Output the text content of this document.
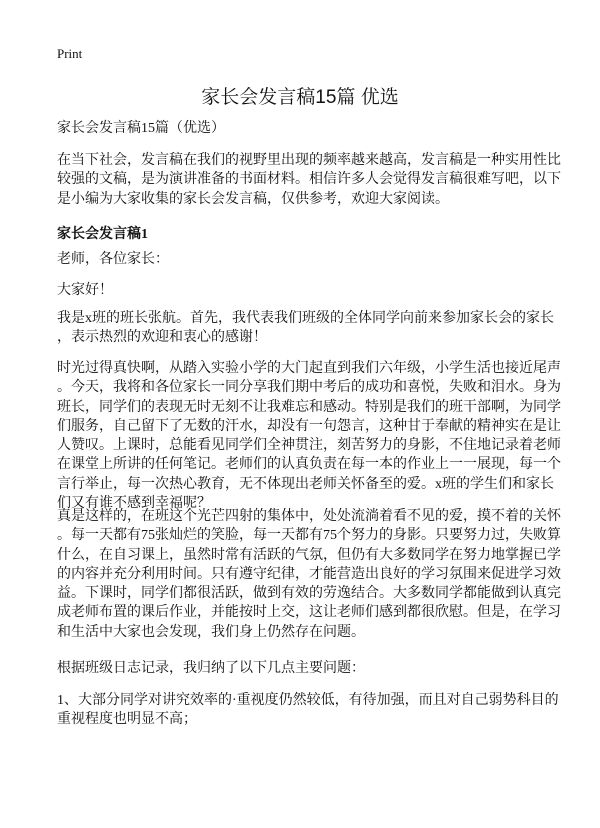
Print
家长会发言稿15篇 优选
家长会发言稿15篇（优选）
在当下社会，发言稿在我们的视野里出现的频率越来越高，发言稿是一种实用性比
较强的文稿，是为演讲准备的书面材料。相信许多人会觉得发言稿很难写吧，以下
是小编为大家收集的家长会发言稿，仅供参考，欢迎大家阅读。
家长会发言稿1
老师，各位家长：
大家好！
我是x班的班长张航。首先，我代表我们班级的全体同学向前来参加家长会的家长
，表示热烈的欢迎和衷心的感谢！
时光过得真快啊，从踏入实验小学的大门起直到我们六年级，小学生活也接近尾声
。今天，我将和各位家长一同分享我们期中考后的成功和喜悦，失败和泪水。身为
班长，同学们的表现无时无刻不让我难忘和感动。特别是我们的班干部啊，为同学
们服务，自己留下了无数的汗水，却没有一句怨言，这种甘于奉献的精神实在是让
人赞叹。上课时，总能看见同学们全神贯注，刻苦努力的身影，不住地记录着老师
在课堂上所讲的任何笔记。老师们的认真负责在每一本的作业上一一展现，每一个
言行举止，每一次热心教育，无不体现出老师关怀备至的爱。x班的学生们和家长
们又有谁不感到幸福呢？
真是这样的，在班这个光芒四射的集体中，处处流淌着看不见的爱，摸不着的关怀
。每一天都有75张灿烂的笑脸，每一天都有75个努力的身影。只要努力过，失败算
什么，在自习课上，虽然时常有活跃的气氛，但仍有大多数同学在努力地掌握已学
的内容并充分利用时间。只有遵守纪律，才能营造出良好的学习氛围来促进学习效
益。下课时，同学们都很活跃，做到有效的劳逸结合。大多数同学都能做到认真完
成老师布置的课后作业，并能按时上交，这让老师们感到都很欣慰。但是，在学习
和生活中大家也会发现，我们身上仍然存在问题。
根据班级日志记录，我归纳了以下几点主要问题：
1、大部分同学对讲究效率的·重视度仍然较低，有待加强，而且对自己弱势科目的
重视程度也明显不高；
